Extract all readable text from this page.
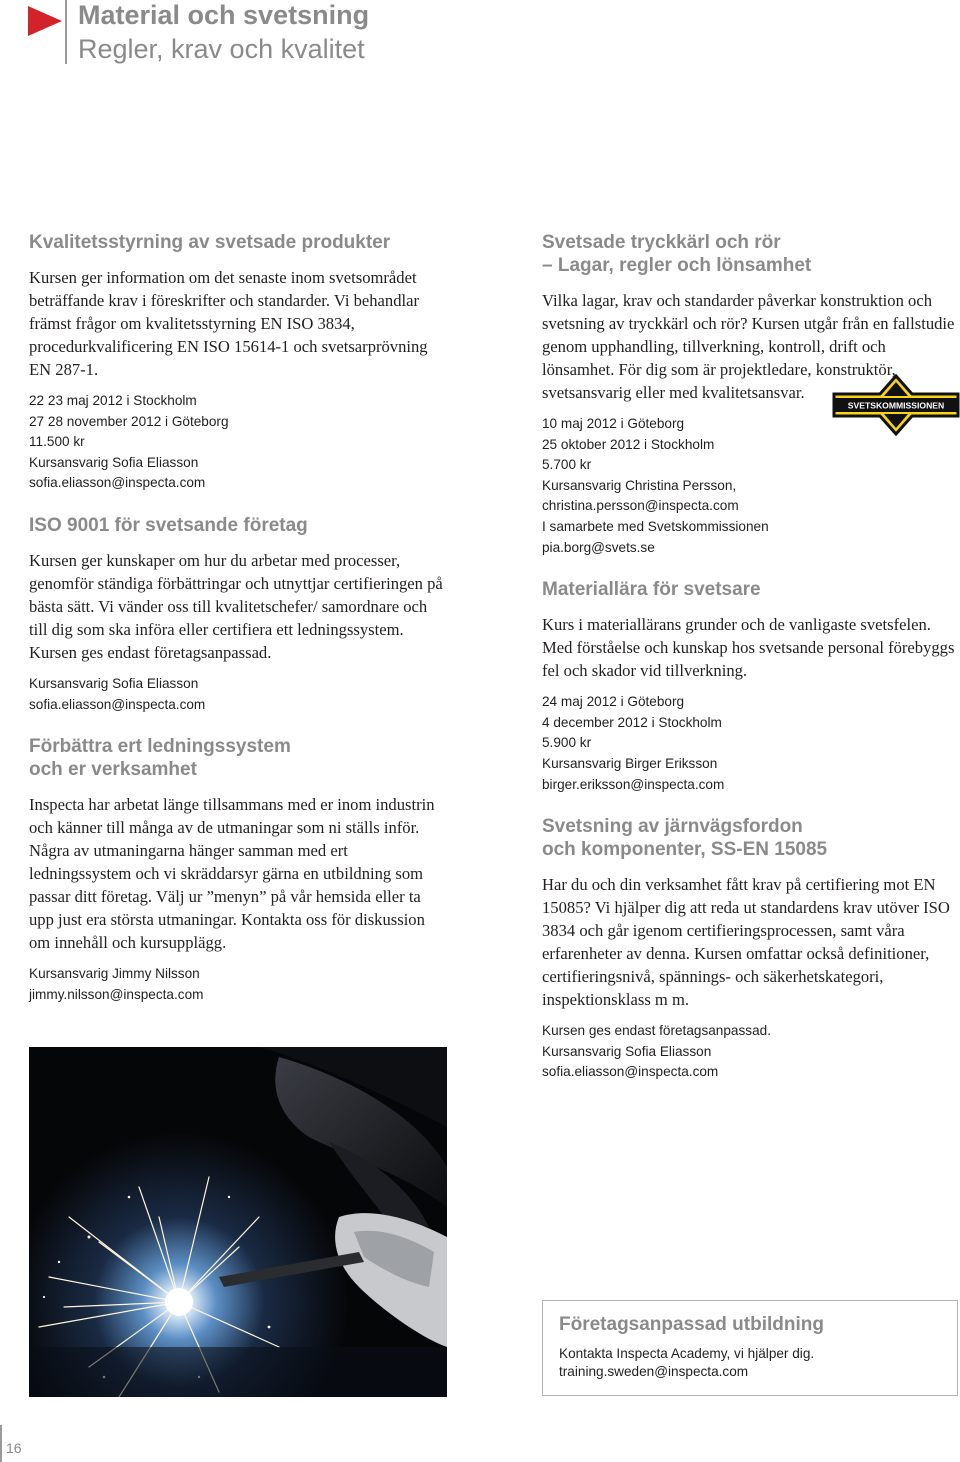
Material och svetsning
Regler, krav och kvalitet
Kvalitetsstyrning av svetsade produkter

Kursen ger information om det senaste inom svetsområdet beträffande krav i föreskrifter och standarder. Vi behandlar främst frågor om kvalitetsstyrning EN ISO 3834, procedurkvalificering EN ISO 15614-1 och svetsarprövning EN 287-1.

22 23 maj 2012 i Stockholm
27 28 november 2012 i Göteborg
11.500 kr
Kursansvarig Sofia Eliasson
sofia.eliasson@inspecta.com
ISO 9001 för svetsande företag

Kursen ger kunskaper om hur du arbetar med processer, genomför ständiga förbättringar och utnyttjar certifieringen på bästa sätt. Vi vänder oss till kvalitetschefer/ samordnare och till dig som ska införa eller certifiera ett ledningssystem. Kursen ges endast företagsanpassad.

Kursansvarig Sofia Eliasson
sofia.eliasson@inspecta.com
Förbättra ert ledningssystem
och er verksamhet

Inspecta har arbetat länge tillsammans med er inom industrin och känner till många av de utmaningar som ni ställs inför. Några av utmaningarna hänger samman med ert ledningssystem och vi skräddarsyr gärna en utbildning som passar ditt företag. Välj ur ”menyn” på vår hemsida eller ta upp just era största utmaningar. Kontakta oss för diskussion om innehåll och kursupplägg.

Kursansvarig Jimmy Nilsson
jimmy.nilsson@inspecta.com
Svetsade tryckkärl och rör
– Lagar, regler och lönsamhet

Vilka lagar, krav och standarder påverkar konstruktion och svetsning av tryckkärl och rör? Kursen utgår från en fallstudie genom upphandling, tillverkning, kontroll, drift och lönsamhet. För dig som är projektledare, konstruktör, svetsansvarig eller med kvalitetsansvar.

10 maj 2012 i Göteborg
25 oktober 2012 i Stockholm
5.700 kr
Kursansvarig Christina Persson,
christina.persson@inspecta.com
I samarbete med Svetskommissionen
pia.borg@svets.se
SVETSKOMMISSIONEN
Materiallära för svetsare

Kurs i materiallärans grunder och de vanligaste svetsfelen. Med förståelse och kunskap hos svetsande personal förebyggs fel och skador vid tillverkning.

24 maj 2012 i Göteborg
4 december 2012 i Stockholm
5.900 kr
Kursansvarig Birger Eriksson
birger.eriksson@inspecta.com
Svetsning av järnvägsfordon
och komponenter, SS-EN 15085

Har du och din verksamhet fått krav på certifiering mot EN 15085? Vi hjälper dig att reda ut standardens krav utöver ISO 3834 och går igenom certifieringsprocessen, samt våra erfarenheter av denna. Kursen omfattar också definitioner, certifieringsnivå, spännings- och säkerhetskategori, inspektionsklass m m.

Kursen ges endast företagsanpassad.
Kursansvarig Sofia Eliasson
sofia.eliasson@inspecta.com
Företagsanpassad utbildning
Kontakta Inspecta Academy, vi hjälper dig.
training.sweden@inspecta.com
16
